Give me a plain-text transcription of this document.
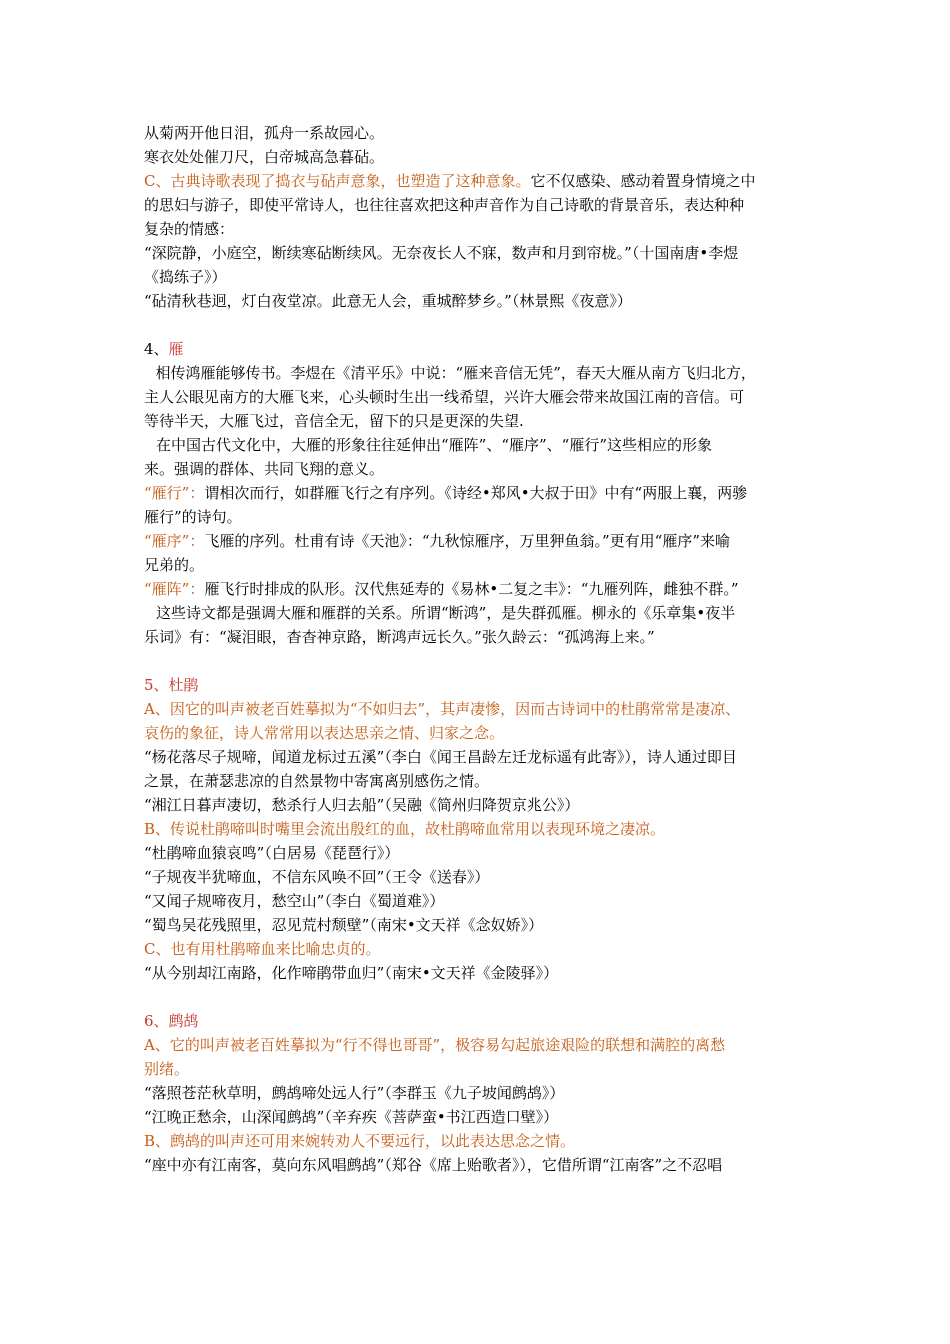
从菊两开他日泪，孤舟一系故园心。
寒衣处处催刀尺，白帝城高急暮砧。
C、古典诗歌表现了捣衣与砧声意象，也塑造了这种意象。它不仅感染、感动着置身情境之中
的思妇与游子，即使平常诗人，也往往喜欢把这种声音作为自己诗歌的背景音乐，表达种种
复杂的情感：
“深院静，小庭空，断续寒砧断续风。无奈夜长人不寐，数声和月到帘栊。”（十国南唐•李煜
《捣练子》）
“砧清秋巷迥，灯白夜堂凉。此意无人会，重城醉梦乡。”（林景熙《夜意》）
4、雁
相传鸿雁能够传书。李煜在《清平乐》中说：“雁来音信无凭”，春天大雁从南方飞归北方，
主人公眼见南方的大雁飞来，心头顿时生出一线希望，兴许大雁会带来故国江南的音信。可
等待半天，大雁飞过，音信全无，留下的只是更深的失望.
在中国古代文化中，大雁的形象往往延伸出“雁阵”、“雁序”、“雁行”这些相应的形象
来。强调的群体、共同飞翔的意义。
“雁行”：谓相次而行，如群雁飞行之有序列。《诗经•郑风•大叔于田》中有“两服上襄，两骖
雁行”的诗句。
“雁序”：飞雁的序列。杜甫有诗《天池》：“九秋惊雁序，万里狎鱼翁。”更有用“雁序”来喻
兄弟的。
“雁阵”：雁飞行时排成的队形。汉代焦延寿的《易林•二复之丰》：“九雁列阵，雌独不群。”
这些诗文都是强调大雁和雁群的关系。所谓“断鸿”，是失群孤雁。柳永的《乐章集•夜半
乐词》有：“凝泪眼，杳杳神京路，断鸿声远长久。”张久龄云：“孤鸿海上来。”
5、杜鹃
A、因它的叫声被老百姓摹拟为“不如归去”，其声凄惨，因而古诗词中的杜鹃常常是凄凉、
哀伤的象征，诗人常常用以表达思亲之情、归家之念。
“杨花落尽子规啼，闻道龙标过五溪”（李白《闻王昌龄左迁龙标遥有此寄》），诗人通过即目
之景，在萧瑟悲凉的自然景物中寄寓离别感伤之情。
“湘江日暮声凄切，愁杀行人归去船”（吴融《简州归降贺京兆公》）
B、传说杜鹃啼叫时嘴里会流出殷红的血，故杜鹃啼血常用以表现环境之凄凉。
“杜鹃啼血猿哀鸣”（白居易《琵琶行》）
“子规夜半犹啼血，不信东风唤不回”（王令《送春》）
“又闻子规啼夜月，愁空山”（李白《蜀道难》）
“蜀鸟吴花残照里，忍见荒村颓壁”（南宋•文天祥《念奴娇》）
C、也有用杜鹃啼血来比喻忠贞的。
“从今别却江南路，化作啼鹃带血归”（南宋•文天祥《金陵驿》）
6、鹧鸪
A、它的叫声被老百姓摹拟为“行不得也哥哥”，极容易勾起旅途艰险的联想和满腔的离愁
别绪。
“落照苍茫秋草明，鹧鸪啼处远人行”（李群玉《九子坡闻鹧鸪》）
“江晚正愁余，山深闻鹧鸪”（辛弃疾《菩萨蛮•书江西造口壁》）
B、鹧鸪的叫声还可用来婉转劝人不要远行，以此表达思念之情。
“座中亦有江南客，莫向东风唱鹧鸪”（郑谷《席上贻歌者》），它借所谓“江南客”之不忍唱
